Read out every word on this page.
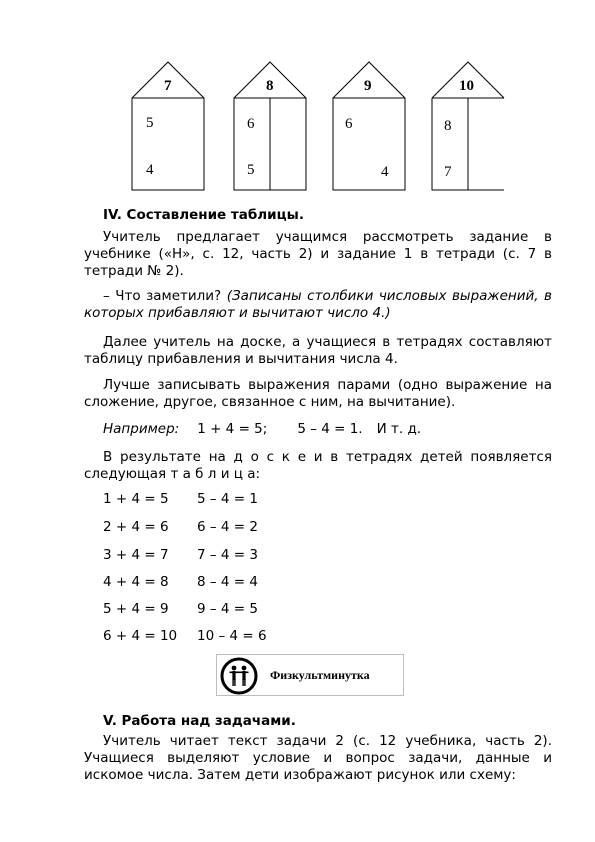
7
5
4
8
6
5
9
6
4
10
8
7

IV. Составление таблицы.

Учитель предлагает учащимся рассмотреть задание в учебнике («Н», с. 12, часть 2) и задание 1 в тетради (с. 7 в тетради № 2).

– Что заметили? (Записаны столбики числовых выражений, в которых прибавляют и вычитают число 4.)

Далее учитель на доске, а учащиеся в тетрадях составляют таблицу прибавления и вычитания числа 4.

Лучше записывать выражения парами (одно выражение на сложение, другое, связанное с ним, на вычитание).

Например: 1 + 4 = 5; 5 – 4 = 1. И т. д.

В результате на д о с к е и в тетрадях детей появляется следующая т а б л и ц а:

1 + 4 = 5 5 – 4 = 1
2 + 4 = 6 6 – 4 = 2
3 + 4 = 7 7 – 4 = 3
4 + 4 = 8 8 – 4 = 4
5 + 4 = 9 9 – 4 = 5
6 + 4 = 10 10 – 4 = 6
Физкультминутка

V. Работа над задачами.

Учитель читает текст задачи 2 (с. 12 учебника, часть 2). Учащиеся выделяют условие и вопрос задачи, данные и искомое числа. Затем дети изображают рисунок или схему:
